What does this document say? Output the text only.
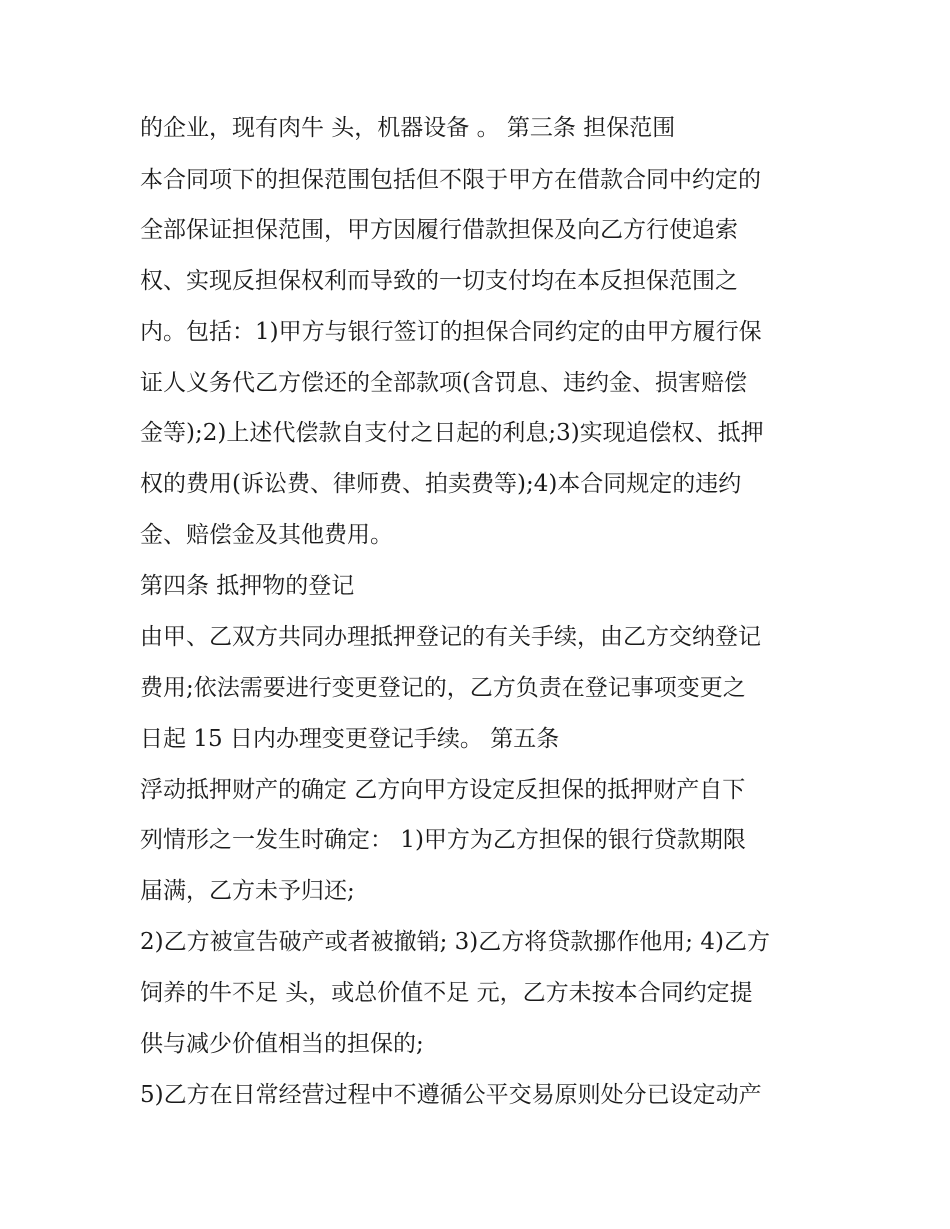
的企业，现有肉牛 头，机器设备 。 第三条 担保范围
本合同项下的担保范围包括但不限于甲方在借款合同中约定的
全部保证担保范围，甲方因履行借款担保及向乙方行使追索
权、实现反担保权利而导致的一切支付均在本反担保范围之
内。包括：1)甲方与银行签订的担保合同约定的由甲方履行保
证人义务代乙方偿还的全部款项(含罚息、违约金、损害赔偿
金等);2)上述代偿款自支付之日起的利息;3)实现追偿权、抵押
权的费用(诉讼费、律师费、拍卖费等);4)本合同规定的违约
金、赔偿金及其他费用。
第四条 抵押物的登记
由甲、乙双方共同办理抵押登记的有关手续，由乙方交纳登记
费用;依法需要进行变更登记的，乙方负责在登记事项变更之
日起 15 日内办理变更登记手续。 第五条
浮动抵押财产的确定 乙方向甲方设定反担保的抵押财产自下
列情形之一发生时确定： 1)甲方为乙方担保的银行贷款期限
届满，乙方未予归还;
2)乙方被宣告破产或者被撤销; 3)乙方将贷款挪作他用; 4)乙方
饲养的牛不足 头，或总价值不足 元，乙方未按本合同约定提
供与减少价值相当的担保的;
5)乙方在日常经营过程中不遵循公平交易原则处分已设定动产
